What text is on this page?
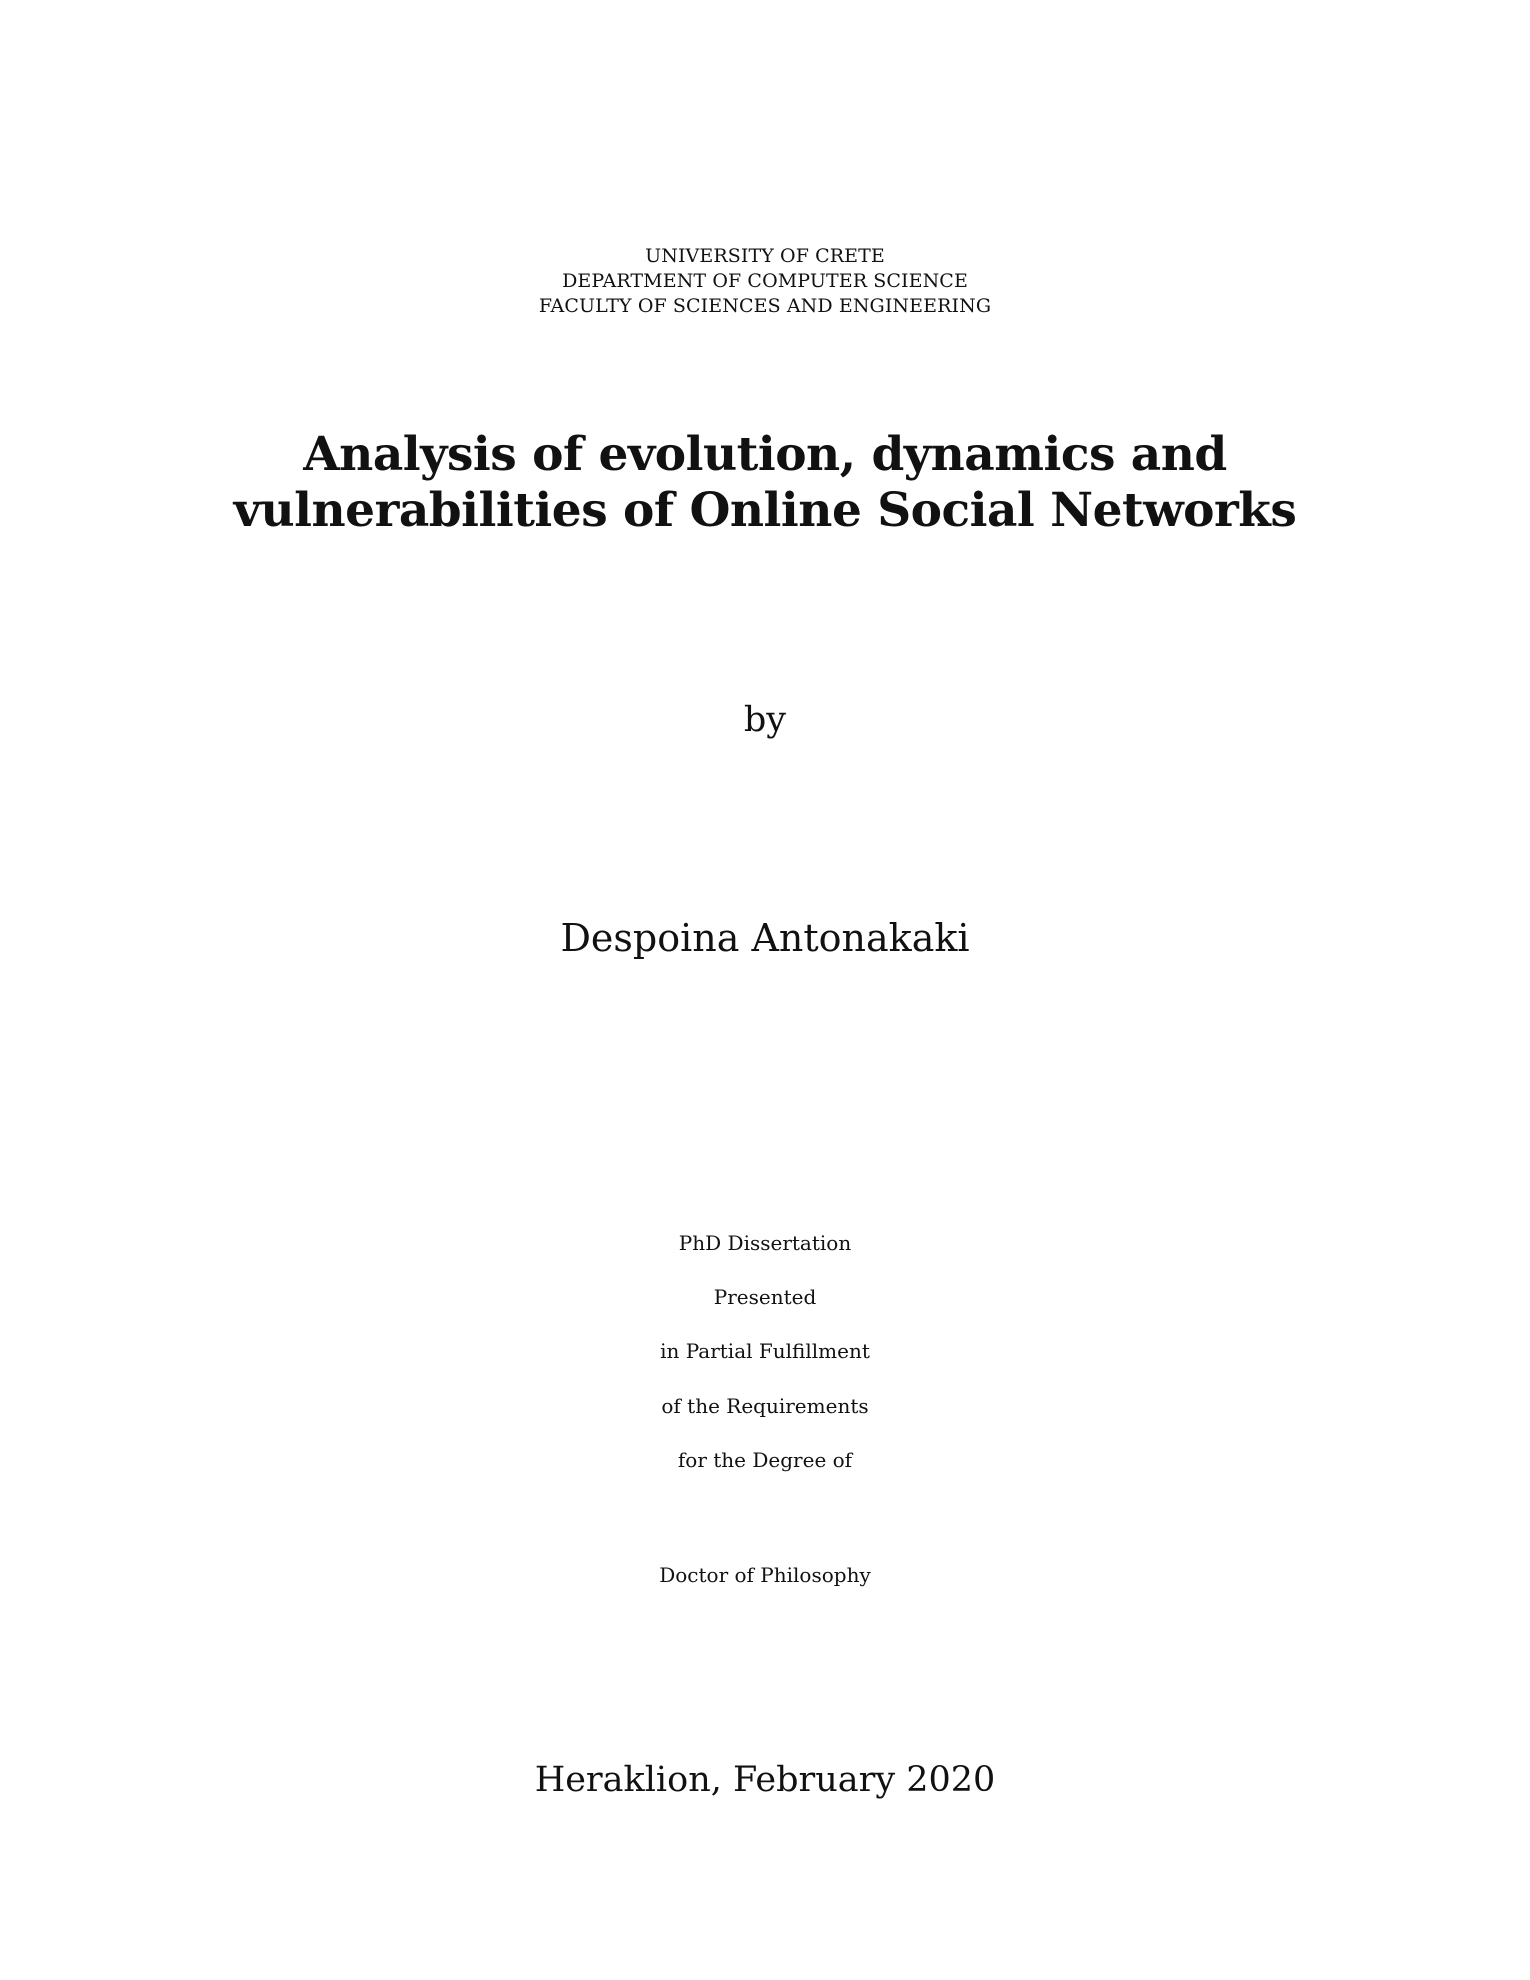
UNIVERSITY OF CRETE

DEPARTMENT OF COMPUTER SCIENCE

FACULTY OF SCIENCES AND ENGINEERING

Analysis of evolution, dynamics and
vulnerabilities of Online Social Networks

by

Despoina Antonakaki

PhD Dissertation

Presented

in Partial Fulfillment

of the Requirements

for the Degree of

Doctor of Philosophy

Heraklion, February 2020
